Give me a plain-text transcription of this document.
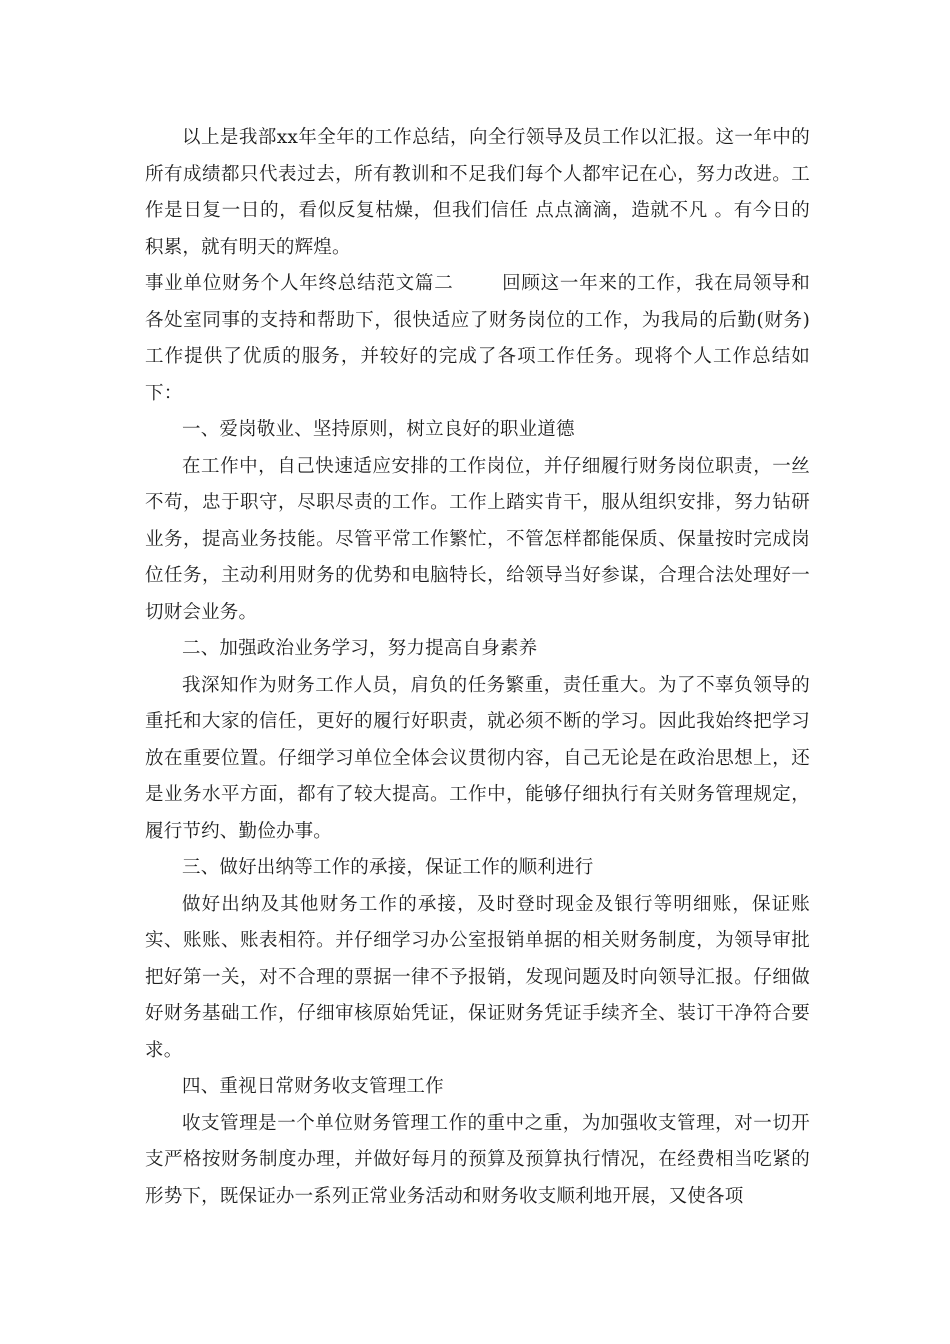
以上是我部xx年全年的工作总结，向全行领导及员工作以汇报。这一年中的所有成绩都只代表过去，所有教训和不足我们每个人都牢记在心，努力改进。工作是日复一日的，看似反复枯燥，但我们信任 点点滴滴，造就不凡 。有今日的积累，就有明天的辉煌。

事业单位财务个人年终总结范文篇二	回顾这一年来的工作，我在局领导和各处室同事的支持和帮助下，很快适应了财务岗位的工作，为我局的后勤(财务)工作提供了优质的服务，并较好的完成了各项工作任务。现将个人工作总结如下：

一、爱岗敬业、坚持原则，树立良好的职业道德

在工作中，自己快速适应安排的工作岗位，并仔细履行财务岗位职责，一丝不苟，忠于职守，尽职尽责的工作。工作上踏实肯干，服从组织安排，努力钻研业务，提高业务技能。尽管平常工作繁忙，不管怎样都能保质、保量按时完成岗位任务，主动利用财务的优势和电脑特长，给领导当好参谋，合理合法处理好一切财会业务。

二、加强政治业务学习，努力提高自身素养

我深知作为财务工作人员，肩负的任务繁重，责任重大。为了不辜负领导的重托和大家的信任，更好的履行好职责，就必须不断的学习。因此我始终把学习放在重要位置。仔细学习单位全体会议贯彻内容，自己无论是在政治思想上，还是业务水平方面，都有了较大提高。工作中，能够仔细执行有关财务管理规定，履行节约、勤俭办事。

三、做好出纳等工作的承接，保证工作的顺利进行

做好出纳及其他财务工作的承接，及时登时现金及银行等明细账，保证账实、账账、账表相符。并仔细学习办公室报销单据的相关财务制度，为领导审批把好第一关，对不合理的票据一律不予报销，发现问题及时向领导汇报。仔细做好财务基础工作，仔细审核原始凭证，保证财务凭证手续齐全、装订干净符合要求。

四、重视日常财务收支管理工作

收支管理是一个单位财务管理工作的重中之重，为加强收支管理，对一切开支严格按财务制度办理，并做好每月的预算及预算执行情况，在经费相当吃紧的形势下，既保证办一系列正常业务活动和财务收支顺利地开展，又使各项
